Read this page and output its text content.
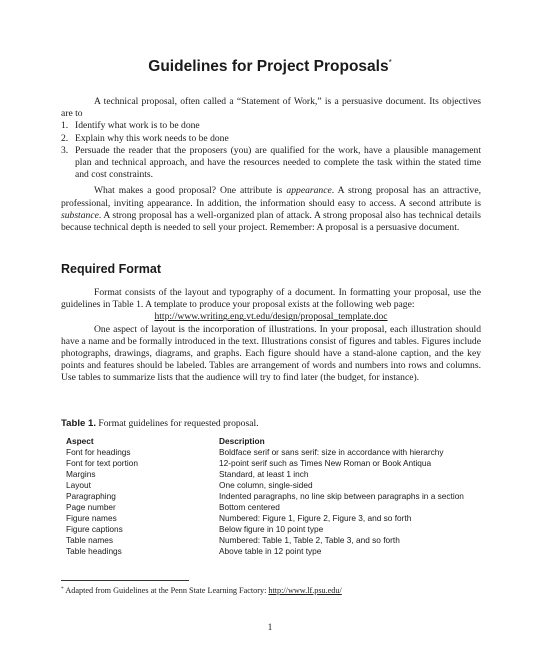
Guidelines for Project Proposals*

A technical proposal, often called a “Statement of Work,” is a persuasive document. Its objectives are to

1. Identify what work is to be done
2. Explain why this work needs to be done
3. Persuade the reader that the proposers (you) are qualified for the work, have a plausible management plan and technical approach, and have the resources needed to complete the task within the stated time and cost constraints.

What makes a good proposal? One attribute is appearance. A strong proposal has an attractive, professional, inviting appearance. In addition, the information should easy to access. A second attribute is substance. A strong proposal has a well-organized plan of attack. A strong proposal also has technical details because technical depth is needed to sell your project. Remember: A proposal is a persuasive document.

Required Format

Format consists of the layout and typography of a document. In formatting your proposal, use the guidelines in Table 1. A template to produce your proposal exists at the following web page:

http://www.writing.eng.vt.edu/design/proposal_template.doc

One aspect of layout is the incorporation of illustrations. In your proposal, each illustration should have a name and be formally introduced in the text. Illustrations consist of figures and tables. Figures include photographs, drawings, diagrams, and graphs. Each figure should have a stand-alone caption, and the key points and features should be labeled. Tables are arrangement of words and numbers into rows and columns. Use tables to summarize lists that the audience will try to find later (the budget, for instance).

Table 1. Format guidelines for requested proposal.
Aspect	Description
Font for headings	Boldface serif or sans serif: size in accordance with hierarchy
Font for text portion	12-point serif such as Times New Roman or Book Antiqua
Margins	Standard, at least 1 inch
Layout	One column, single-sided
Paragraphing	Indented paragraphs, no line skip between paragraphs in a section
Page number	Bottom centered
Figure names	Numbered: Figure 1, Figure 2, Figure 3, and so forth
Figure captions	Below figure in 10 point type
Table names	Numbered: Table 1, Table 2, Table 3, and so forth
Table headings	Above table in 12 point type
* Adapted from Guidelines at the Penn State Learning Factory: http://www.lf.psu.edu/
1
